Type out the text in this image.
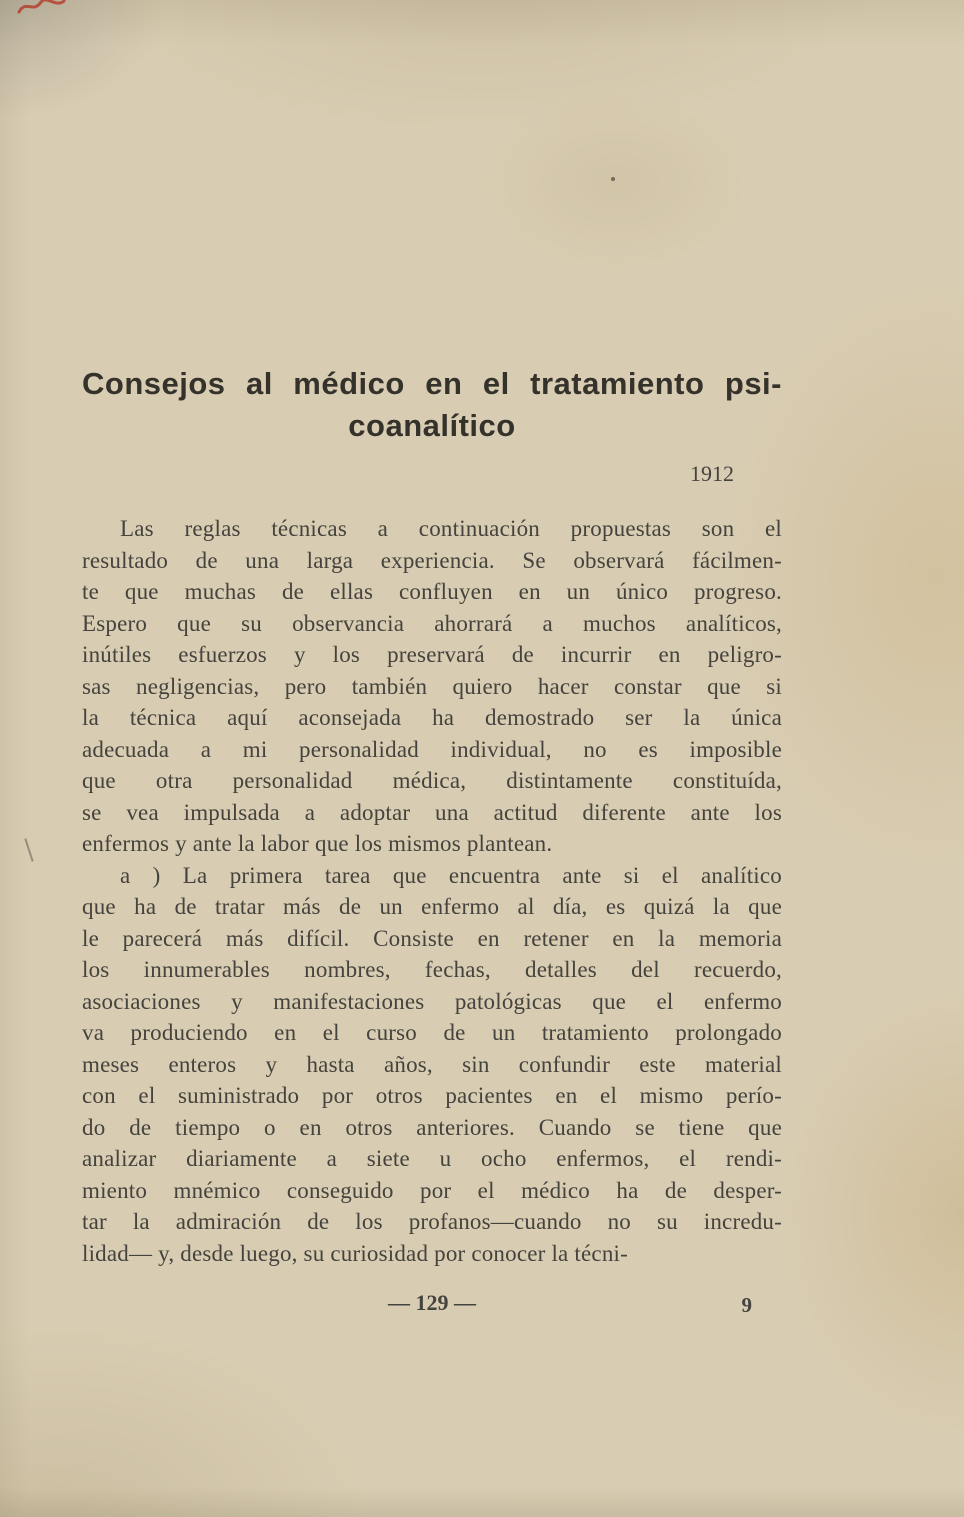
Consejos al médico en el tratamiento psi-
coanalítico
1912
Las reglas técnicas a continuación propuestas son el
resultado de una larga experiencia. Se observará fácilmen-
te que muchas de ellas confluyen en un único progreso.
Espero que su observancia ahorrará a muchos analíticos,
inútiles esfuerzos y los preservará de incurrir en peligro-
sas negligencias, pero también quiero hacer constar que si
la técnica aquí aconsejada ha demostrado ser la única
adecuada a mi personalidad individual, no es imposible
que otra personalidad médica, distintamente constituída,
se vea impulsada a adoptar una actitud diferente ante los
enfermos y ante la labor que los mismos plantean.
a ) La primera tarea que encuentra ante si el analítico
que ha de tratar más de un enfermo al día, es quizá la que
le parecerá más difícil. Consiste en retener en la memoria
los innumerables nombres, fechas, detalles del recuerdo,
asociaciones y manifestaciones patológicas que el enfermo
va produciendo en el curso de un tratamiento prolongado
meses enteros y hasta años, sin confundir este material
con el suministrado por otros pacientes en el mismo perío-
do de tiempo o en otros anteriores. Cuando se tiene que
analizar diariamente a siete u ocho enfermos, el rendi-
miento mnémico conseguido por el médico ha de desper-
tar la admiración de los profanos—cuando no su incredu-
lidad— y, desde luego, su curiosidad por conocer la técni-
— 129 —	9
